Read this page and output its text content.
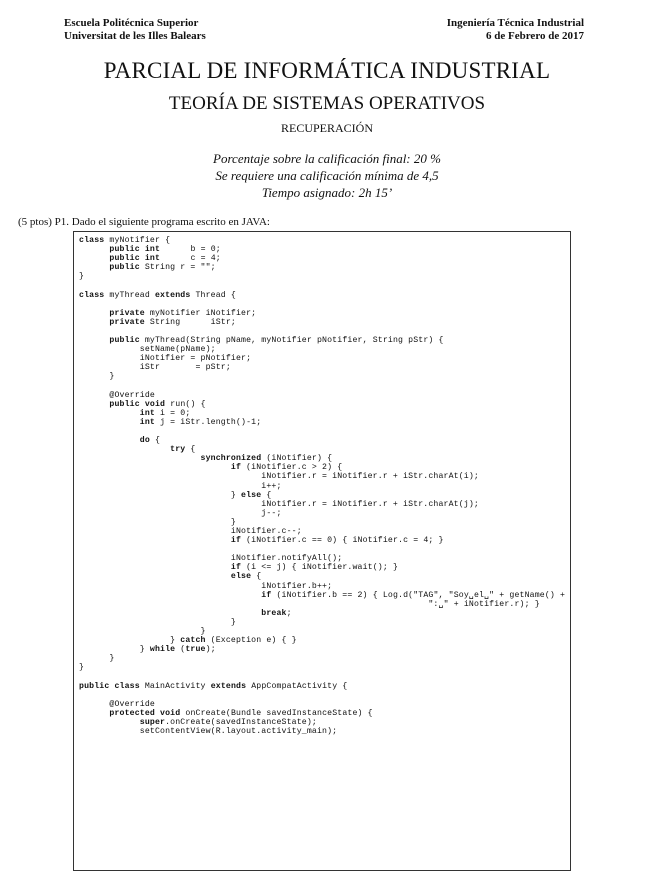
Escuela Politécnica Superior
Universitat de les Illes Balears
Ingeniería Técnica Industrial
6 de Febrero de 2017
PARCIAL DE INFORMÁTICA INDUSTRIAL
TEORÍA DE SISTEMAS OPERATIVOS
RECUPERACIÓN
Porcentaje sobre la calificación final: 20 %
Se requiere una calificación mínima de 4,5
Tiempo asignado: 2h 15’
(5 ptos) P1. Dado el siguiente programa escrito en JAVA:
class myNotifier {
public int      b = 0;
public int      c = 4;
public String r = "";
}

class myThread extends Thread {

private myNotifier iNotifier;
private String      iStr;

public myThread(String pName, myNotifier pNotifier, String pStr) {
setName(pName);
iNotifier = pNotifier;
iStr       = pStr;
}

@Override
public void run() {
int i = 0;
int j = iStr.length()-1;

do {
try {
synchronized (iNotifier) {
if (iNotifier.c > 2) {
iNotifier.r = iNotifier.r + iStr.charAt(i);
i++;
} else {
iNotifier.r = iNotifier.r + iStr.charAt(j);
j--;
}
iNotifier.c--;
if (iNotifier.c == 0) { iNotifier.c = 4; }

iNotifier.notifyAll();
if (i <= j) { iNotifier.wait(); }
else {
iNotifier.b++;
if (iNotifier.b == 2) { Log.d("TAG", "Soy␣el␣" + getName() +
":␣" + iNotifier.r); }
break;
}
}
} catch (Exception e) { }
} while (true);
}
}

public class MainActivity extends AppCompatActivity {

@Override
protected void onCreate(Bundle savedInstanceState) {
super.onCreate(savedInstanceState);
setContentView(R.layout.activity_main);
